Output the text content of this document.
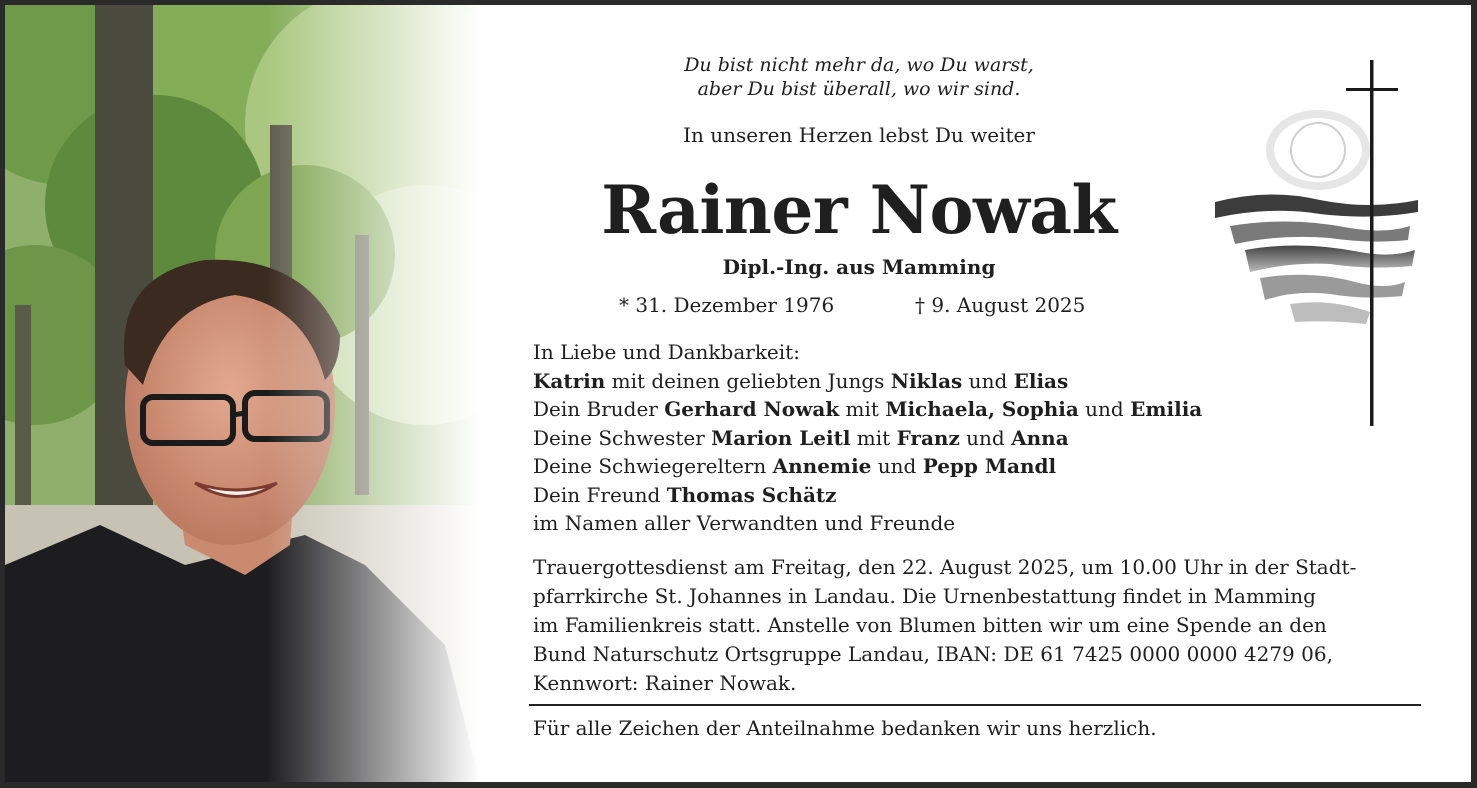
Du bist nicht mehr da, wo Du warst,
aber Du bist überall, wo wir sind.
In unseren Herzen lebst Du weiter
Rainer Nowak
Dipl.-Ing. aus Mamming
* 31. Dezember 1976	† 9. August 2025
In Liebe und Dankbarkeit:
Katrin mit deinen geliebten Jungs Niklas und Elias
Dein Bruder Gerhard Nowak mit Michaela, Sophia und Emilia
Deine Schwester Marion Leitl mit Franz und Anna
Deine Schwiegereltern Annemie und Pepp Mandl
Dein Freund Thomas Schätz
im Namen aller Verwandten und Freunde
Trauergottesdienst am Freitag, den 22. August 2025, um 10.00 Uhr in der Stadt-
pfarrkirche St. Johannes in Landau. Die Urnenbestattung findet in Mamming
im Familienkreis statt. Anstelle von Blumen bitten wir um eine Spende an den
Bund Naturschutz Ortsgruppe Landau, IBAN: DE 61 7425 0000 0000 4279 06,
Kennwort: Rainer Nowak.
Für alle Zeichen der Anteilnahme bedanken wir uns herzlich.
